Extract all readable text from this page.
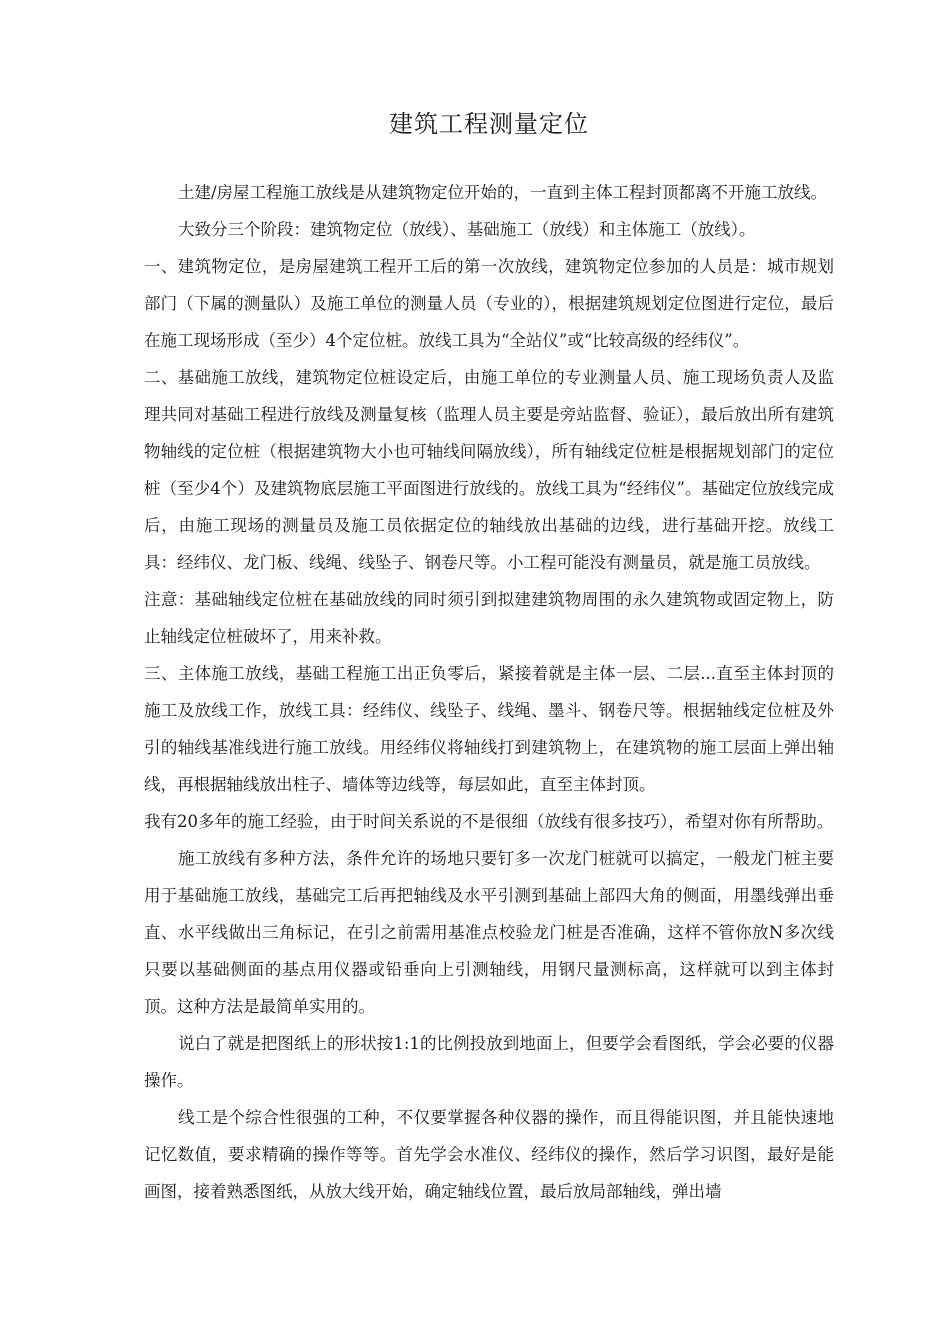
建筑工程测量定位

土建/房屋工程施工放线是从建筑物定位开始的，一直到主体工程封顶都离不开施工放线。

大致分三个阶段：建筑物定位（放线）、基础施工（放线）和主体施工（放线）。

一、建筑物定位，是房屋建筑工程开工后的第一次放线，建筑物定位参加的人员是：城市规划部门（下属的测量队）及施工单位的测量人员（专业的），根据建筑规划定位图进行定位，最后在施工现场形成（至少）4个定位桩。放线工具为“全站仪”或“比较高级的经纬仪”。

二、基础施工放线，建筑物定位桩设定后，由施工单位的专业测量人员、施工现场负责人及监理共同对基础工程进行放线及测量复核（监理人员主要是旁站监督、验证），最后放出所有建筑物轴线的定位桩（根据建筑物大小也可轴线间隔放线），所有轴线定位桩是根据规划部门的定位桩（至少4个）及建筑物底层施工平面图进行放线的。放线工具为“经纬仪”。基础定位放线完成后，由施工现场的测量员及施工员依据定位的轴线放出基础的边线，进行基础开挖。放线工具：经纬仪、龙门板、线绳、线坠子、钢卷尺等。小工程可能没有测量员，就是施工员放线。

注意：基础轴线定位桩在基础放线的同时须引到拟建建筑物周围的永久建筑物或固定物上，防止轴线定位桩破坏了，用来补救。

三、主体施工放线，基础工程施工出正负零后，紧接着就是主体一层、二层...直至主体封顶的施工及放线工作，放线工具：经纬仪、线坠子、线绳、墨斗、钢卷尺等。根据轴线定位桩及外引的轴线基准线进行施工放线。用经纬仪将轴线打到建筑物上，在建筑物的施工层面上弹出轴线，再根据轴线放出柱子、墙体等边线等，每层如此，直至主体封顶。

我有20多年的施工经验，由于时间关系说的不是很细（放线有很多技巧），希望对你有所帮助。

施工放线有多种方法，条件允许的场地只要钉多一次龙门桩就可以搞定，一般龙门桩主要用于基础施工放线，基础完工后再把轴线及水平引测到基础上部四大角的侧面，用墨线弹出垂直、水平线做出三角标记，在引之前需用基准点校验龙门桩是否准确，这样不管你放N多次线只要以基础侧面的基点用仪器或铅垂向上引测轴线，用钢尺量测标高，这样就可以到主体封顶。这种方法是最简单实用的。

说白了就是把图纸上的形状按1:1的比例投放到地面上，但要学会看图纸，学会必要的仪器操作。

线工是个综合性很强的工种，不仅要掌握各种仪器的操作，而且得能识图，并且能快速地记忆数值，要求精确的操作等等。首先学会水准仪、经纬仪的操作，然后学习识图，最好是能画图，接着熟悉图纸，从放大线开始，确定轴线位置，最后放局部轴线，弹出墙
